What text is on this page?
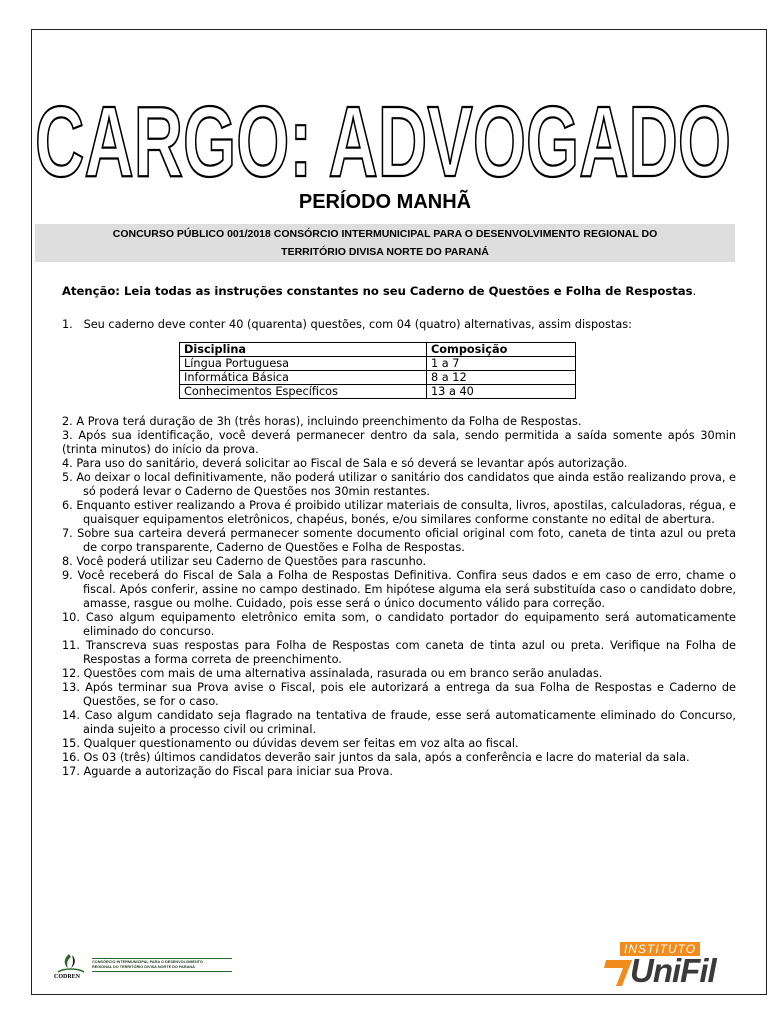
CARGO: ADVOGADO
PERÍODO MANHÃ
CONCURSO PÚBLICO 001/2018 CONSÓRCIO INTERMUNICIPAL PARA O DESENVOLVIMENTO REGIONAL DO
TERRITÓRIO DIVISA NORTE DO PARANÁ
Atenção: Leia todas as instruções constantes no seu Caderno de Questões e Folha de Respostas.
1. Seu caderno deve conter 40 (quarenta) questões, com 04 (quatro) alternativas, assim dispostas:
Disciplina	Composição
Língua Portuguesa	1 a 7
Informática Básica	8 a 12
Conhecimentos Específicos	13 a 40
2. A Prova terá duração de 3h (três horas), incluindo preenchimento da Folha de Respostas.
3. Após sua identificação, você deverá permanecer dentro da sala, sendo permitida a saída somente após 30min (trinta minutos) do início da prova.
4. Para uso do sanitário, deverá solicitar ao Fiscal de Sala e só deverá se levantar após autorização.
5. Ao deixar o local definitivamente, não poderá utilizar o sanitário dos candidatos que ainda estão realizando prova, e só poderá levar o Caderno de Questões nos 30min restantes.
6. Enquanto estiver realizando a Prova é proibido utilizar materiais de consulta, livros, apostilas, calculadoras, régua, e quaisquer equipamentos eletrônicos, chapéus, bonés, e/ou similares conforme constante no edital de abertura.
7. Sobre sua carteira deverá permanecer somente documento oficial original com foto, caneta de tinta azul ou preta de corpo transparente, Caderno de Questões e Folha de Respostas.
8. Você poderá utilizar seu Caderno de Questões para rascunho.
9. Você receberá do Fiscal de Sala a Folha de Respostas Definitiva. Confira seus dados e em caso de erro, chame o fiscal. Após conferir, assine no campo destinado. Em hipótese alguma ela será substituída caso o candidato dobre, amasse, rasgue ou molhe. Cuidado, pois esse será o único documento válido para correção.
10. Caso algum equipamento eletrônico emita som, o candidato portador do equipamento será automaticamente eliminado do concurso.
11. Transcreva suas respostas para Folha de Respostas com caneta de tinta azul ou preta. Verifique na Folha de Respostas a forma correta de preenchimento.
12. Questões com mais de uma alternativa assinalada, rasurada ou em branco serão anuladas.
13. Após terminar sua Prova avise o Fiscal, pois ele autorizará a entrega da sua Folha de Respostas e Caderno de Questões, se for o caso.
14. Caso algum candidato seja flagrado na tentativa de fraude, esse será automaticamente eliminado do Concurso, ainda sujeito a processo civil ou criminal.
15. Qualquer questionamento ou dúvidas devem ser feitas em voz alta ao fiscal.
16. Os 03 (três) últimos candidatos deverão sair juntos da sala, após a conferência e lacre do material da sala.
17. Aguarde a autorização do Fiscal para iniciar sua Prova.
CODREN
CONSÓRCIO INTERMUNICIPAL PARA O DESENVOLVIMENTO
REGIONAL DO TERRITÓRIO DIVISA NORTE DO PARANÁ
INSTITUTO
UniFil
